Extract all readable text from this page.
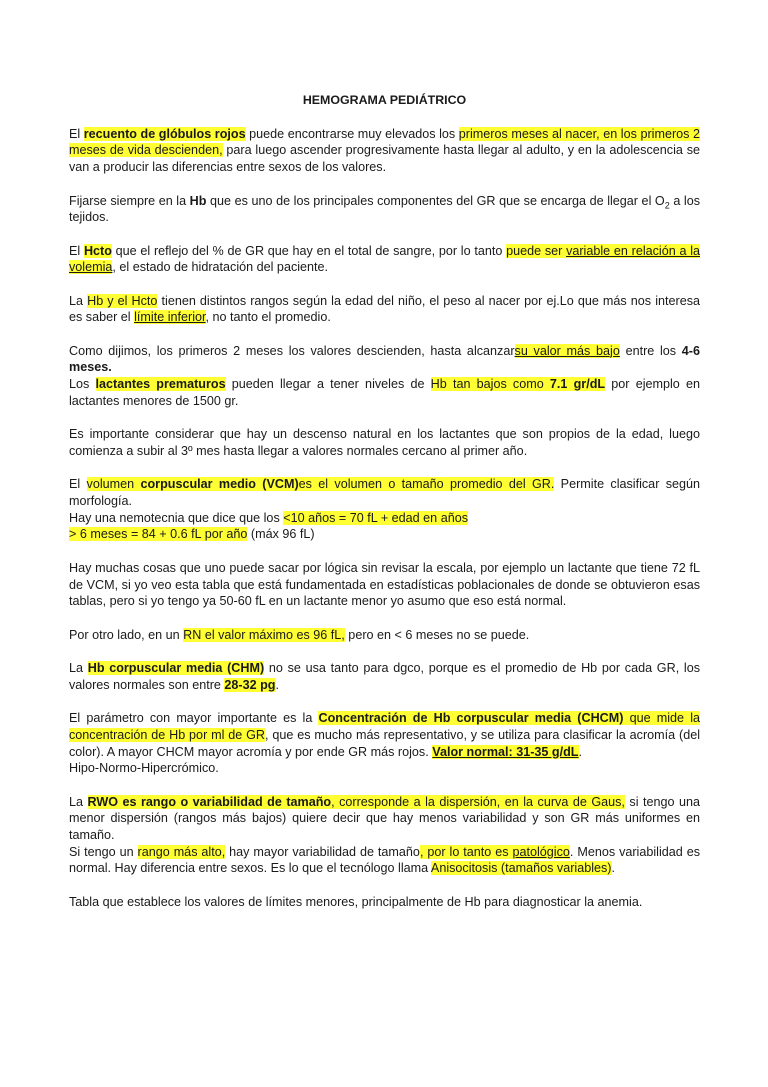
HEMOGRAMA PEDIÁTRICO
El recuento de glóbulos rojos puede encontrarse muy elevados los primeros meses al nacer, en los primeros 2 meses de vida descienden, para luego ascender progresivamente hasta llegar al adulto, y en la adolescencia se van a producir las diferencias entre sexos de los valores.
Fijarse siempre en la Hb que es uno de los principales componentes del GR que se encarga de llegar el $O_2$ a los tejidos.
El Hcto que el reflejo del % de GR que hay en el total de sangre, por lo tanto puede ser variable en relación a la volemia, el estado de hidratación del paciente.
La Hb y el Hcto tienen distintos rangos según la edad del niño, el peso al nacer por ej.Lo que más nos interesa es saber el límite inferior, no tanto el promedio.
Como dijimos, los primeros 2 meses los valores descienden, hasta alcanzarsu valor más bajo entre los 4-6 meses.
Los lactantes prematuros pueden llegar a tener niveles de Hb tan bajos como 7.1 gr/dL por ejemplo en lactantes menores de 1500 gr.
Es importante considerar que hay un descenso natural en los lactantes que son propios de la edad, luego comienza a subir al 3º mes hasta llegar a valores normales cercano al primer año.
El volumen corpuscular medio (VCM)es el volumen o tamaño promedio del GR. Permite clasificar según morfología.
Hay una nemotecnia que dice que los <10 años = 70 fL + edad en años
> 6 meses = 84 + 0.6 fL por año (máx 96 fL)
Hay muchas cosas que uno puede sacar por lógica sin revisar la escala, por ejemplo un lactante que tiene 72 fL de VCM, si yo veo esta tabla que está fundamentada en estadísticas poblacionales de donde se obtuvieron esas tablas, pero si yo tengo ya 50-60 fL en un lactante menor yo asumo que eso está normal.
Por otro lado, en un RN el valor máximo es 96 fL, pero en < 6 meses no se puede.
La Hb corpuscular media (CHM) no se usa tanto para dgco, porque es el promedio de Hb por cada GR, los valores normales son entre 28-32 pg.
El parámetro con mayor importante es la Concentración de Hb corpuscular media (CHCM) que mide la concentración de Hb por ml de GR, que es mucho más representativo, y se utiliza para clasificar la acromía (del color). A mayor CHCM mayor acromía y por ende GR más rojos. Valor normal: 31-35 g/dL.
Hipo-Normo-Hipercrómico.
La RWO es rango o variabilidad de tamaño, corresponde a la dispersión, en la curva de Gaus, si tengo una menor dispersión (rangos más bajos) quiere decir que hay menos variabilidad y son GR más uniformes en tamaño.
Si tengo un rango más alto, hay mayor variabilidad de tamaño, por lo tanto es patológico. Menos variabilidad es normal. Hay diferencia entre sexos. Es lo que el tecnólogo llama Anisocitosis (tamaños variables).
Tabla que establece los valores de límites menores, principalmente de Hb para diagnosticar la anemia.
